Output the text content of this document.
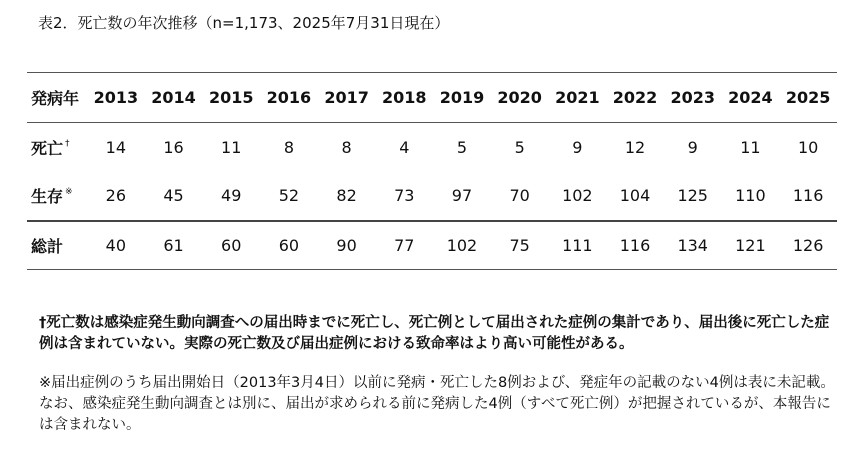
表2．死亡数の年次推移（n=1,173、2025年7月31日現在）
発病年	2013	2014	2015	2016	2017	2018	2019	2020	2021	2022	2023	2024	2025
死亡 †	14	16	11	8	8	4	5	5	9	12	9	11	10
生存 ※	26	45	49	52	82	73	97	70	102	104	125	110	116
総計	40	61	60	60	90	77	102	75	111	116	134	121	126
†死亡数は感染症発生動向調査への届出時までに死亡し、死亡例として届出された症例の集計であり、届出後に死亡した症例は含まれていない。実際の死亡数及び届出症例における致命率はより高い可能性がある。
※届出症例のうち届出開始日（2013年3月4日）以前に発病・死亡した8例および、発症年の記載のない4例は表に未記載。なお、感染症発生動向調査とは別に、届出が求められる前に発病した4例（すべて死亡例）が把握されているが、本報告には含まれない。
